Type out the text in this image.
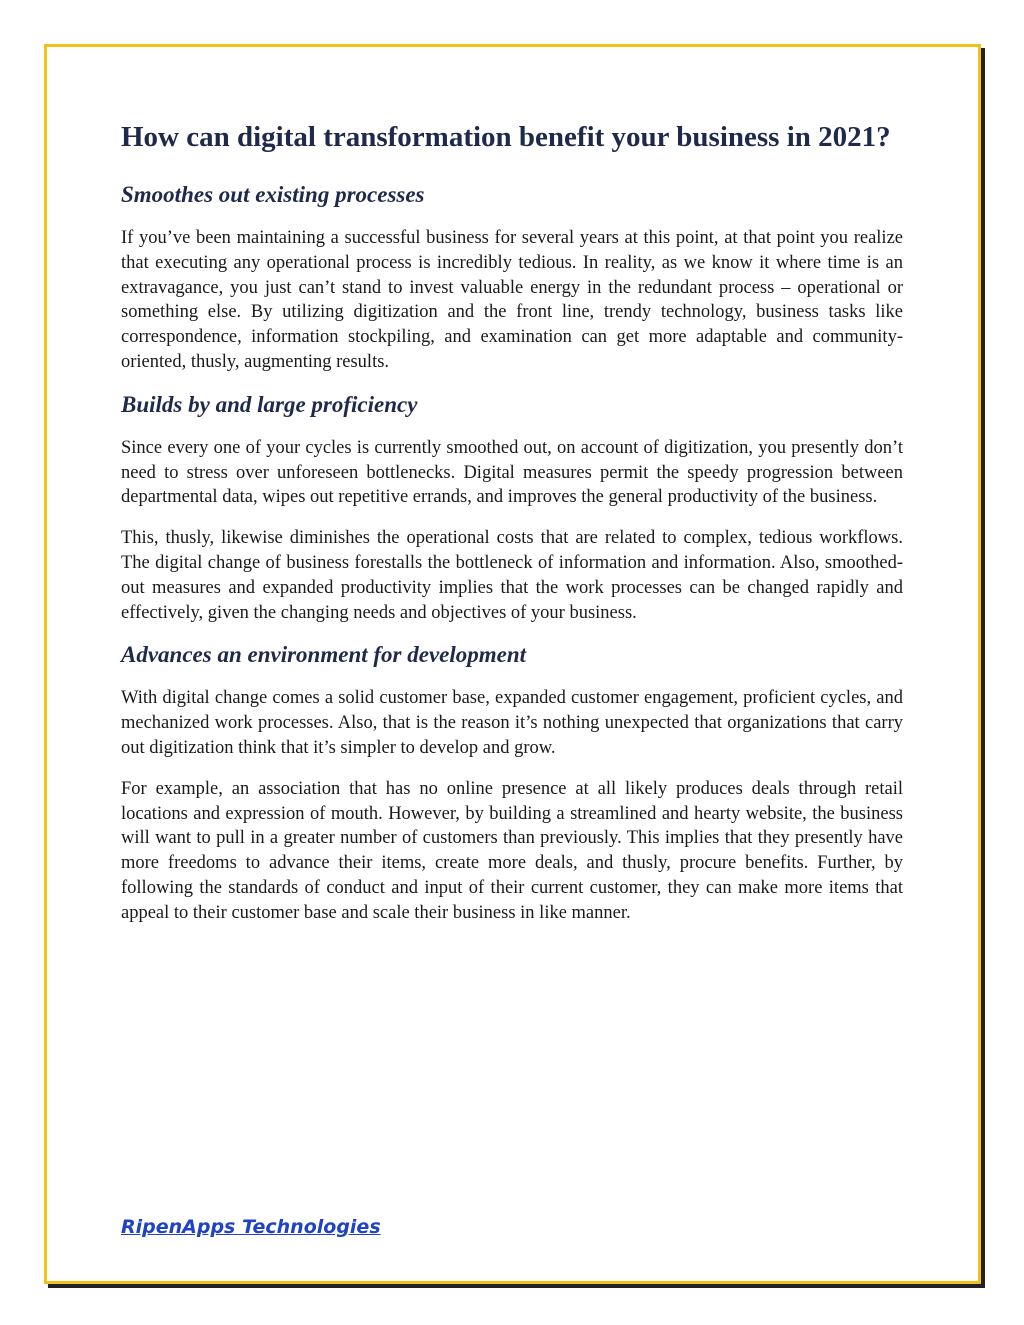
How can digital transformation benefit your business in 2021?
Smoothes out existing processes

If you’ve been maintaining a successful business for several years at this point, at that point you realize that executing any operational process is incredibly tedious. In reality, as we know it where time is an extravagance, you just can’t stand to invest valuable energy in the redundant process – operational or something else. By utilizing digitization and the front line, trendy technology, business tasks like correspondence, information stockpiling, and examination can get more adaptable and community-oriented, thusly, augmenting results.

Builds by and large proficiency

Since every one of your cycles is currently smoothed out, on account of digitization, you presently don’t need to stress over unforeseen bottlenecks. Digital measures permit the speedy progression between departmental data, wipes out repetitive errands, and improves the general productivity of the business.

This, thusly, likewise diminishes the operational costs that are related to complex, tedious workflows. The digital change of business forestalls the bottleneck of information and information. Also, smoothed-out measures and expanded productivity implies that the work processes can be changed rapidly and effectively, given the changing needs and objectives of your business.

Advances an environment for development

With digital change comes a solid customer base, expanded customer engagement, proficient cycles, and mechanized work processes. Also, that is the reason it’s nothing unexpected that organizations that carry out digitization think that it’s simpler to develop and grow.

For example, an association that has no online presence at all likely produces deals through retail locations and expression of mouth. However, by building a streamlined and hearty website, the business will want to pull in a greater number of customers than previously. This implies that they presently have more freedoms to advance their items, create more deals, and thusly, procure benefits. Further, by following the standards of conduct and input of their current customer, they can make more items that appeal to their customer base and scale their business in like manner.

RipenApps Technologies
